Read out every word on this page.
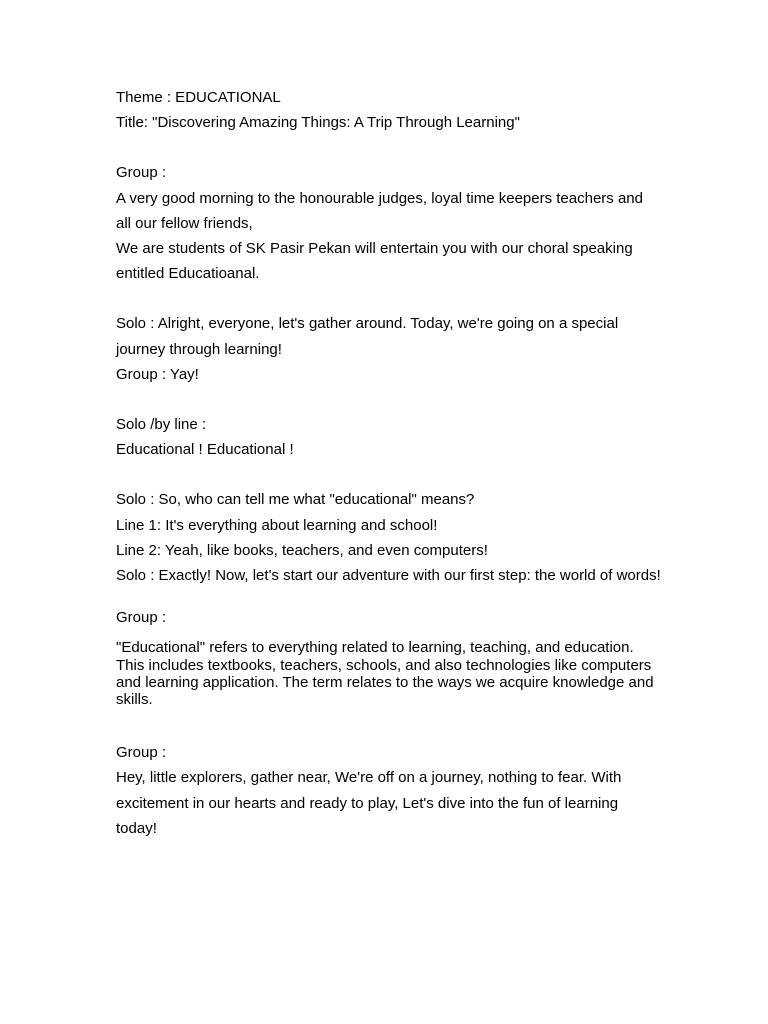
Theme : EDUCATIONAL
Title: "Discovering Amazing Things: A Trip Through Learning"
Group :
A very good morning to the honourable judges, loyal time keepers teachers and all our fellow friends,
We are students of SK Pasir Pekan will entertain you with our choral speaking entitled Educatioanal.
Solo : Alright, everyone, let's gather around. Today, we're going on a special journey through learning!
Group : Yay!
Solo /by line :
Educational ! Educational !
Solo : So, who can tell me what "educational" means?
Line 1: It's everything about learning and school!
Line 2: Yeah, like books, teachers, and even computers!
Solo : Exactly! Now, let's start our adventure with our first step: the world of words!
Group :
"Educational" refers to everything related to learning, teaching, and education. This includes textbooks, teachers, schools, and also technologies like computers and learning application. The term relates to the ways we acquire knowledge and skills.
Group :
Hey, little explorers, gather near, We're off on a journey, nothing to fear. With excitement in our hearts and ready to play, Let's dive into the fun of learning today!
